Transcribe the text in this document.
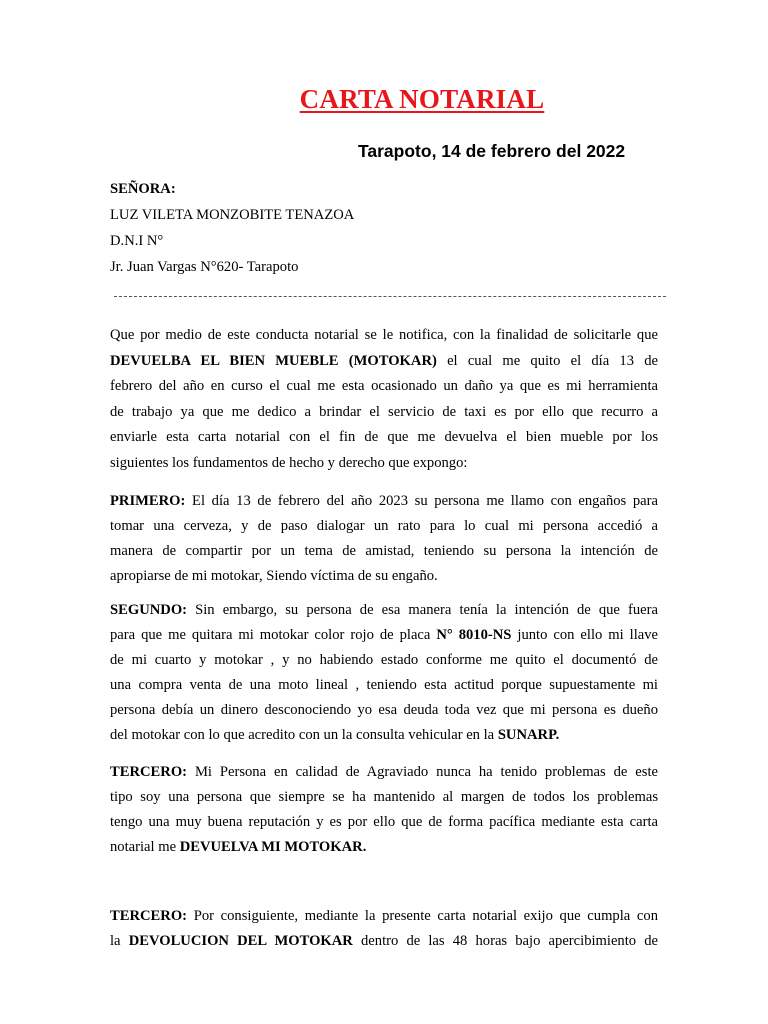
CARTA NOTARIAL
Tarapoto, 14 de febrero del 2022
SEÑORA:
LUZ VILETA MONZOBITE TENAZOA
D.N.I N°
Jr. Juan Vargas N°620- Tarapoto
Que por medio de este conducta notarial se le notifica, con la finalidad de solicitarle que
DEVUELBA EL BIEN MUEBLE (MOTOKAR) el cual me quito el día 13 de
febrero del año en curso el cual me esta ocasionado un daño ya que es mi herramienta
de trabajo ya que me dedico a brindar el servicio de taxi es por ello que recurro a
enviarle esta carta notarial con el fin de que me devuelva el bien mueble por los
siguientes los fundamentos de hecho y derecho que expongo:
PRIMERO: El día 13 de febrero del año 2023 su persona me llamo con engaños para
tomar una cerveza, y de paso dialogar un rato para lo cual mi persona accedió a
manera de compartir por un tema de amistad, teniendo su persona la intención de
apropiarse de mi motokar, Siendo víctima de su engaño.
SEGUNDO: Sin embargo, su persona de esa manera tenía la intención de que fuera
para que me quitara mi motokar color rojo de placa N° 8010-NS junto con ello mi llave
de mi cuarto y motokar , y no habiendo estado conforme me quito el documentó de
una compra venta de una moto lineal , teniendo esta actitud porque supuestamente mi
persona debía un dinero desconociendo yo esa deuda toda vez que mi persona es dueño
del motokar con lo que acredito con un la consulta vehicular en la SUNARP.
TERCERO: Mi Persona en calidad de Agraviado nunca ha tenido problemas de este
tipo soy una persona que siempre se ha mantenido al margen de todos los problemas
tengo una muy buena reputación y es por ello que de forma pacífica mediante esta carta
notarial me DEVUELVA MI MOTOKAR.
TERCERO: Por consiguiente, mediante la presente carta notarial exijo que cumpla con
la DEVOLUCION DEL MOTOKAR dentro de las 48 horas bajo apercibimiento de
